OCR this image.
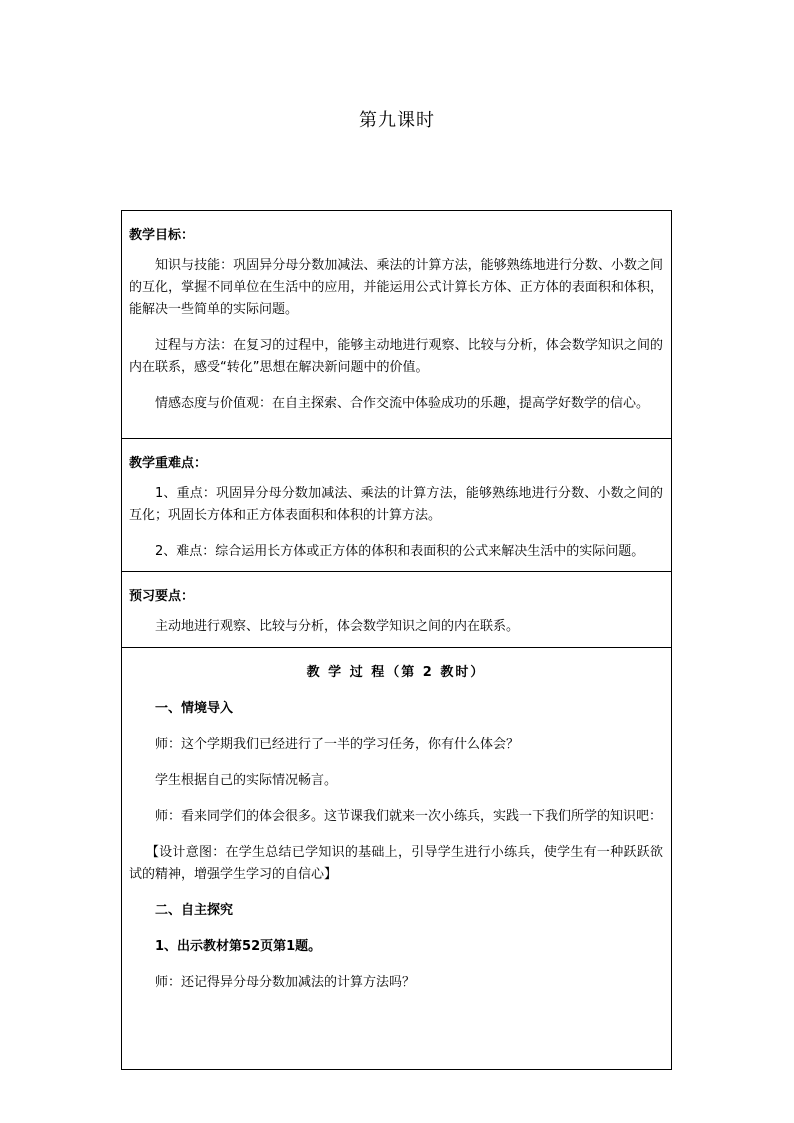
第九课时
教学目标：

知识与技能：巩固异分母分数加减法、乘法的计算方法，能够熟练地进行分数、小数之间的互化，掌握不同单位在生活中的应用，并能运用公式计算长方体、正方体的表面积和体积，能解决一些简单的实际问题。

过程与方法：在复习的过程中，能够主动地进行观察、比较与分析，体会数学知识之间的内在联系，感受“转化”思想在解决新问题中的价值。

情感态度与价值观：在自主探索、合作交流中体验成功的乐趣，提高学好数学的信心。

教学重难点：

1、重点：巩固异分母分数加减法、乘法的计算方法，能够熟练地进行分数、小数之间的互化；巩固长方体和正方体表面积和体积的计算方法。

2、难点：综合运用长方体或正方体的体积和表面积的公式来解决生活中的实际问题。

预习要点：

主动地进行观察、比较与分析，体会数学知识之间的内在联系。

教 学 过 程（第 2 教时）

一、情境导入

师：这个学期我们已经进行了一半的学习任务，你有什么体会？

学生根据自己的实际情况畅言。

师：看来同学们的体会很多。这节课我们就来一次小练兵，实践一下我们所学的知识吧：

【设计意图：在学生总结已学知识的基础上，引导学生进行小练兵，使学生有一种跃跃欲试的精神，增强学生学习的自信心】

二、自主探究

1、出示教材第52页第1题。

师：还记得异分母分数加减法的计算方法吗？
